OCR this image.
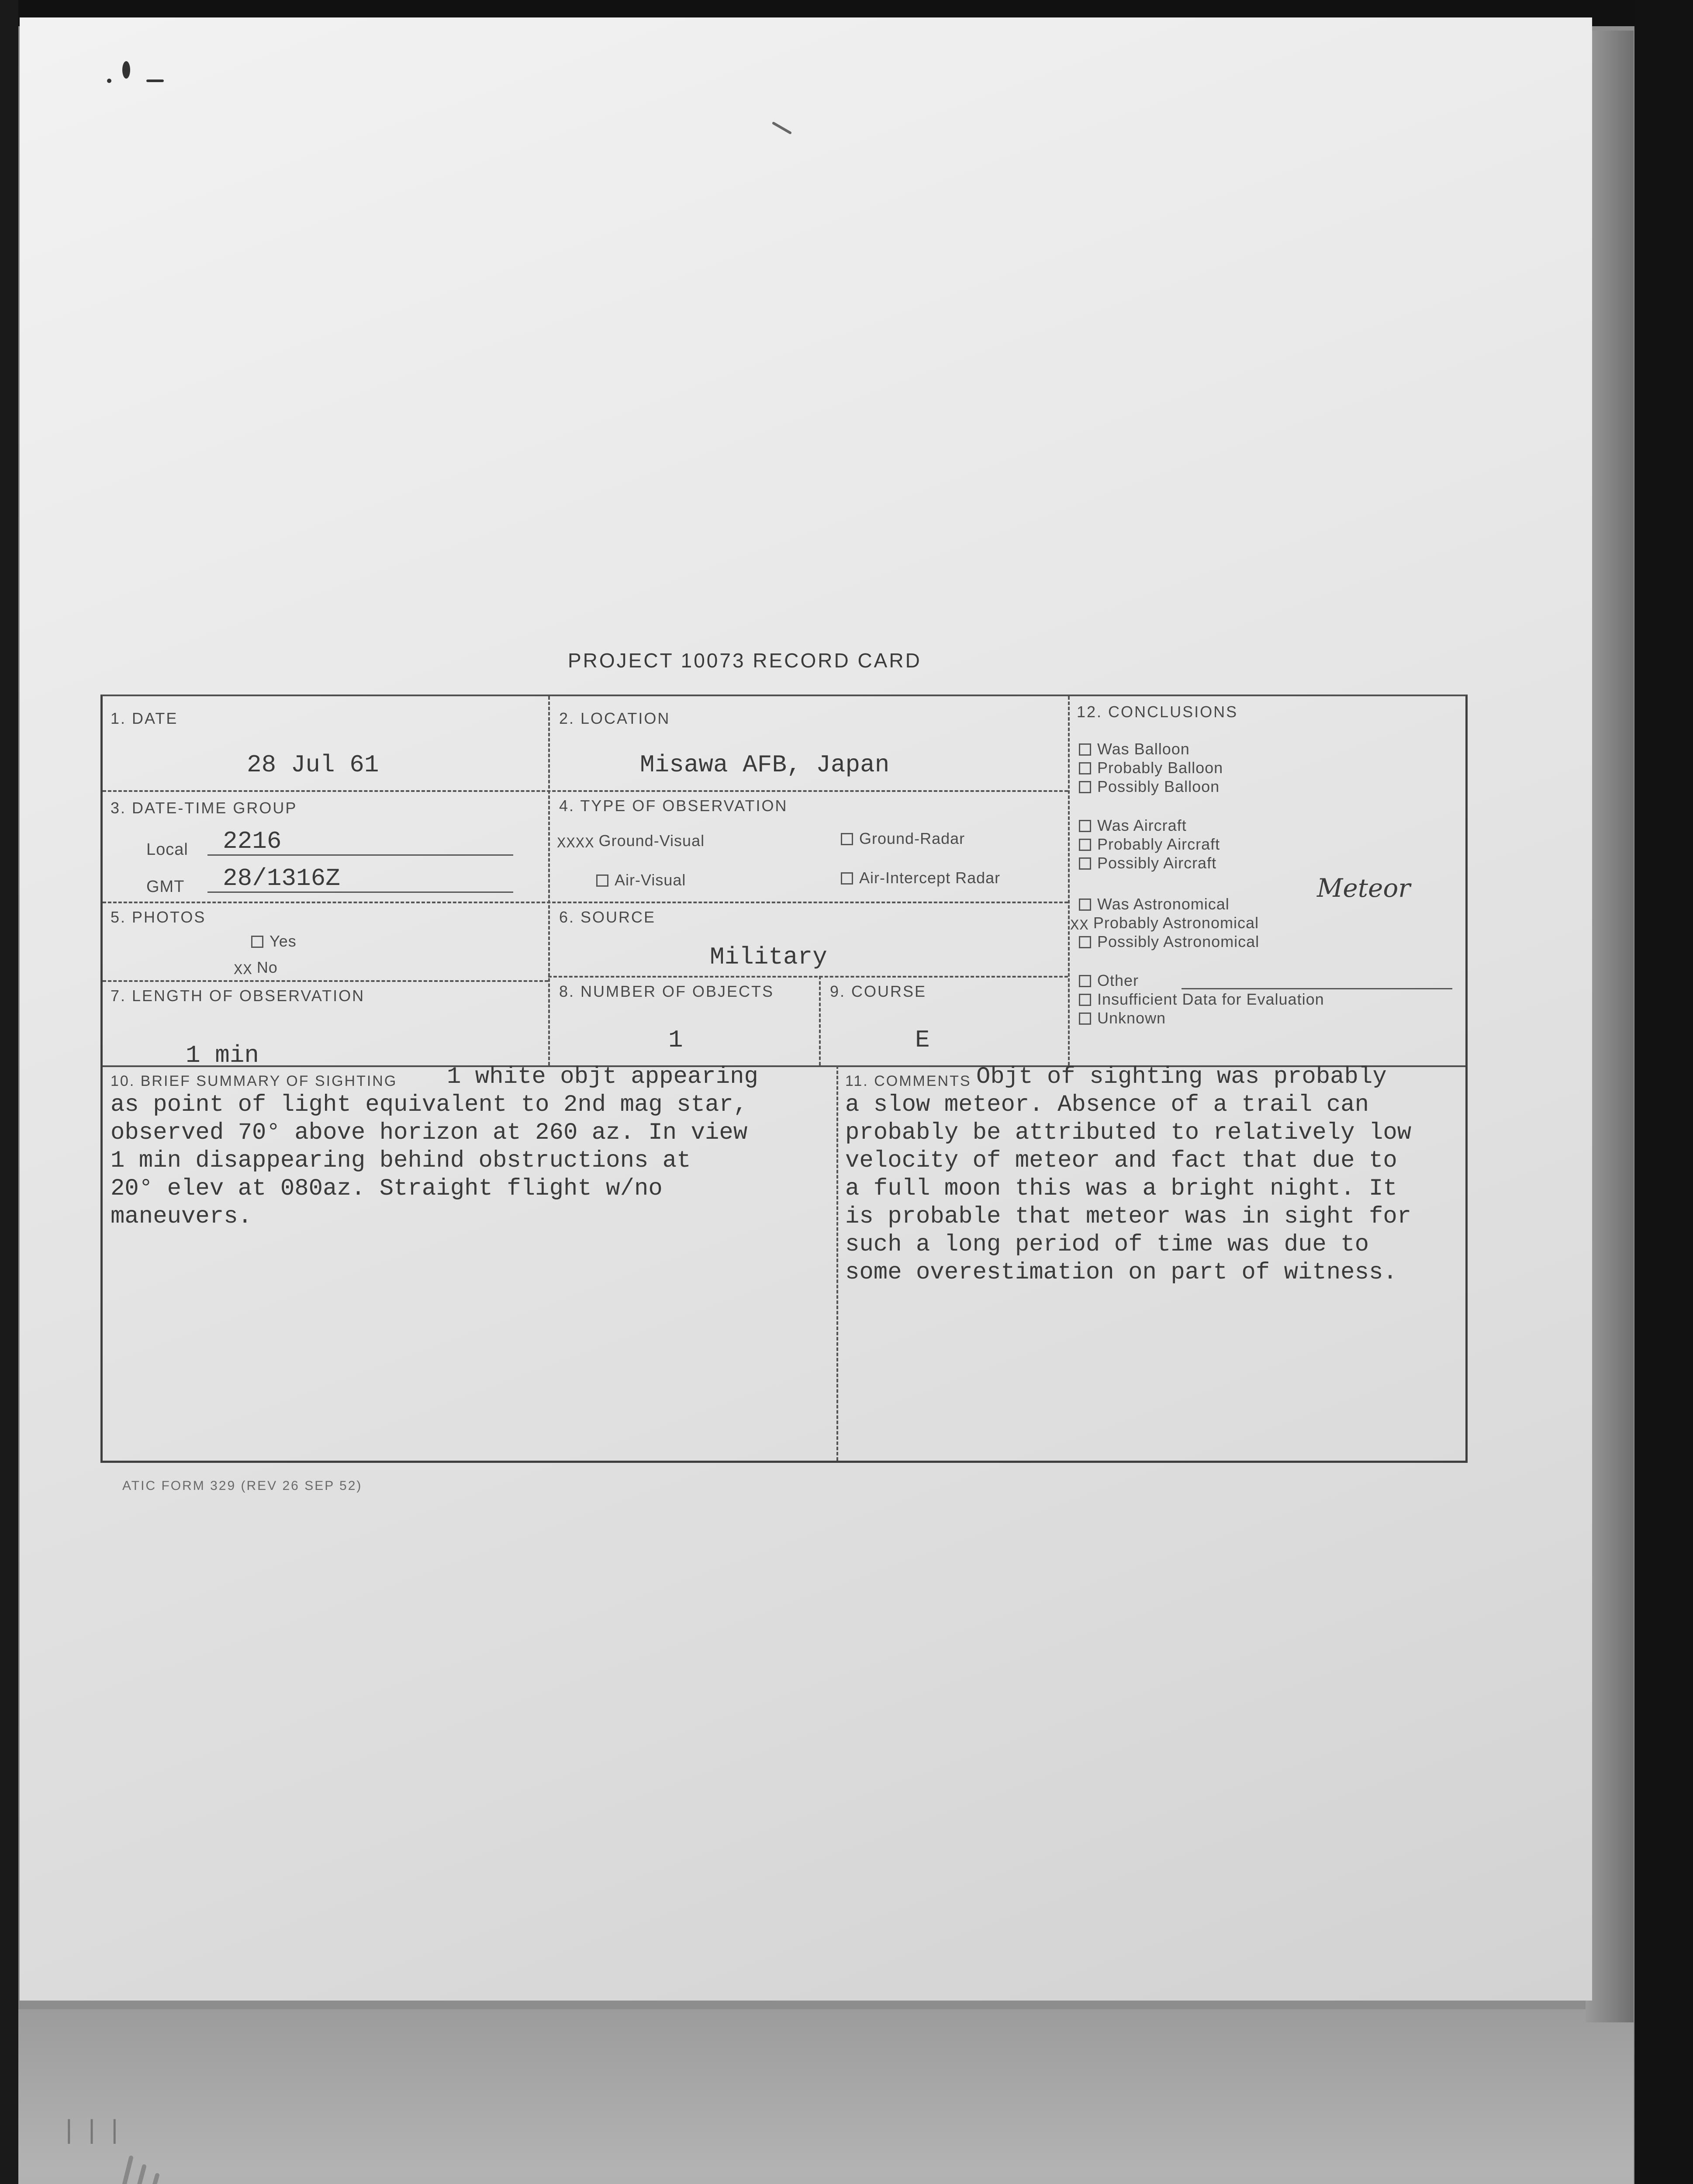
PROJECT 10073 RECORD CARD
1. DATE
28 Jul 61
2. LOCATION
Misawa AFB, Japan
3. DATE-TIME GROUP
Local 2216
GMT 28/1316Z
4. TYPE OF OBSERVATION
XXXX Ground-Visual	Ground-Radar
Air-Visual	Air-Intercept Radar
5. PHOTOS
Yes
XX No
6. SOURCE
Military
7. LENGTH OF OBSERVATION
1 min
8. NUMBER OF OBJECTS
1
9. COURSE
E
12. CONCLUSIONS
Was Balloon
Probably Balloon
Possibly Balloon
Was Aircraft
Probably Aircraft
Possibly Aircraft
Was Astronomical
Meteor
XX Probably Astronomical
Possibly Astronomical
Other
Insufficient Data for Evaluation
Unknown
10. BRIEF SUMMARY OF SIGHTING	1 white objt appearing
as point of light equivalent to 2nd mag star,
observed 70° above horizon at 260 az. In view
1 min disappearing behind obstructions at
20° elev at 080az. Straight flight w/no
maneuvers.
11. COMMENTS Objt of sighting was probably
a slow meteor. Absence of a trail can
probably be attributed to relatively low
velocity of meteor and fact that due to
a full moon this was a bright night. It
is probable that meteor was in sight for
such a long period of time was due to
some overestimation on part of witness.
ATIC FORM 329 (REV 26 SEP 52)
| | |
